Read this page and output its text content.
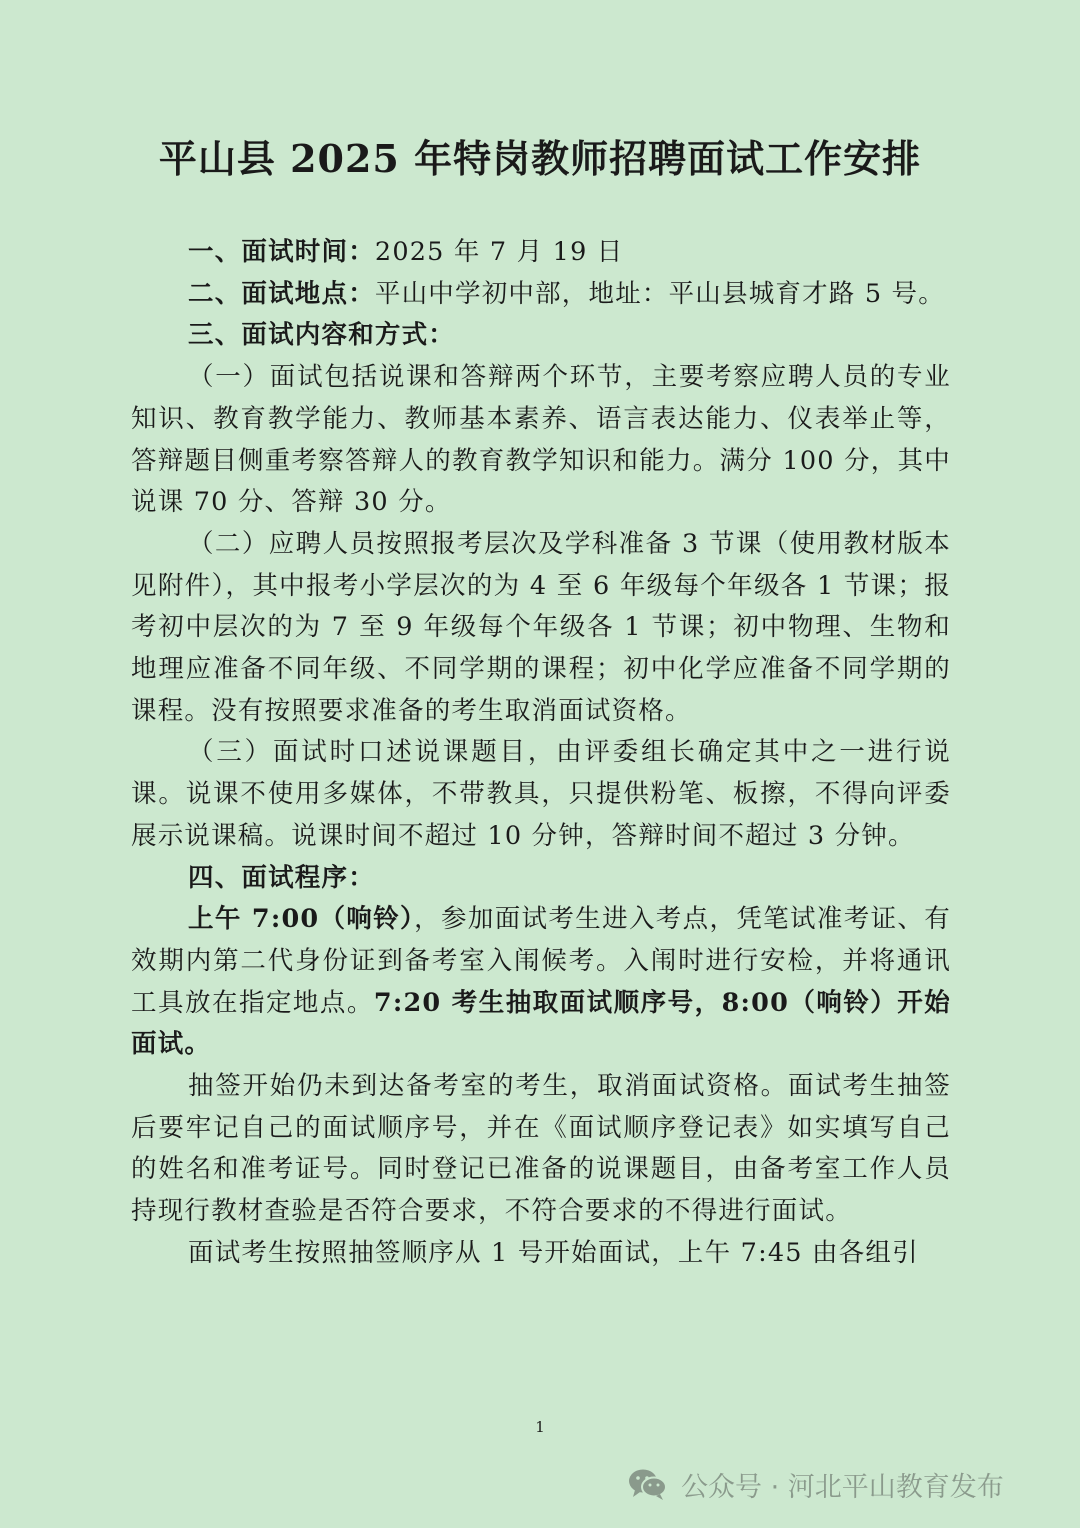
平山县 2025 年特岗教师招聘面试工作安排

一、面试时间：2025 年 7 月 19 日

二、面试地点：平山中学初中部，地址：平山县城育才路 5 号。

三、面试内容和方式：

（一）面试包括说课和答辩两个环节，主要考察应聘人员的专业知识、教育教学能力、教师基本素养、语言表达能力、仪表举止等，答辩题目侧重考察答辩人的教育教学知识和能力。满分 100 分，其中说课 70 分、答辩 30 分。

（二）应聘人员按照报考层次及学科准备 3 节课（使用教材版本见附件），其中报考小学层次的为 4 至 6 年级每个年级各 1 节课；报考初中层次的为 7 至 9 年级每个年级各 1 节课；初中物理、生物和地理应准备不同年级、不同学期的课程；初中化学应准备不同学期的课程。没有按照要求准备的考生取消面试资格。

（三）面试时口述说课题目，由评委组长确定其中之一进行说课。说课不使用多媒体，不带教具，只提供粉笔、板擦，不得向评委展示说课稿。说课时间不超过 10 分钟，答辩时间不超过 3 分钟。

四、面试程序：

上午 7:00（响铃），参加面试考生进入考点，凭笔试准考证、有效期内第二代身份证到备考室入闱候考。入闱时进行安检，并将通讯工具放在指定地点。7:20 考生抽取面试顺序号，8:00（响铃）开始面试。

抽签开始仍未到达备考室的考生，取消面试资格。面试考生抽签后要牢记自己的面试顺序号，并在《面试顺序登记表》如实填写自己的姓名和准考证号。同时登记已准备的说课题目，由备考室工作人员持现行教材查验是否符合要求，不符合要求的不得进行面试。

面试考生按照抽签顺序从 1 号开始面试，上午 7:45 由各组引

1
公众号 · 河北平山教育发布
